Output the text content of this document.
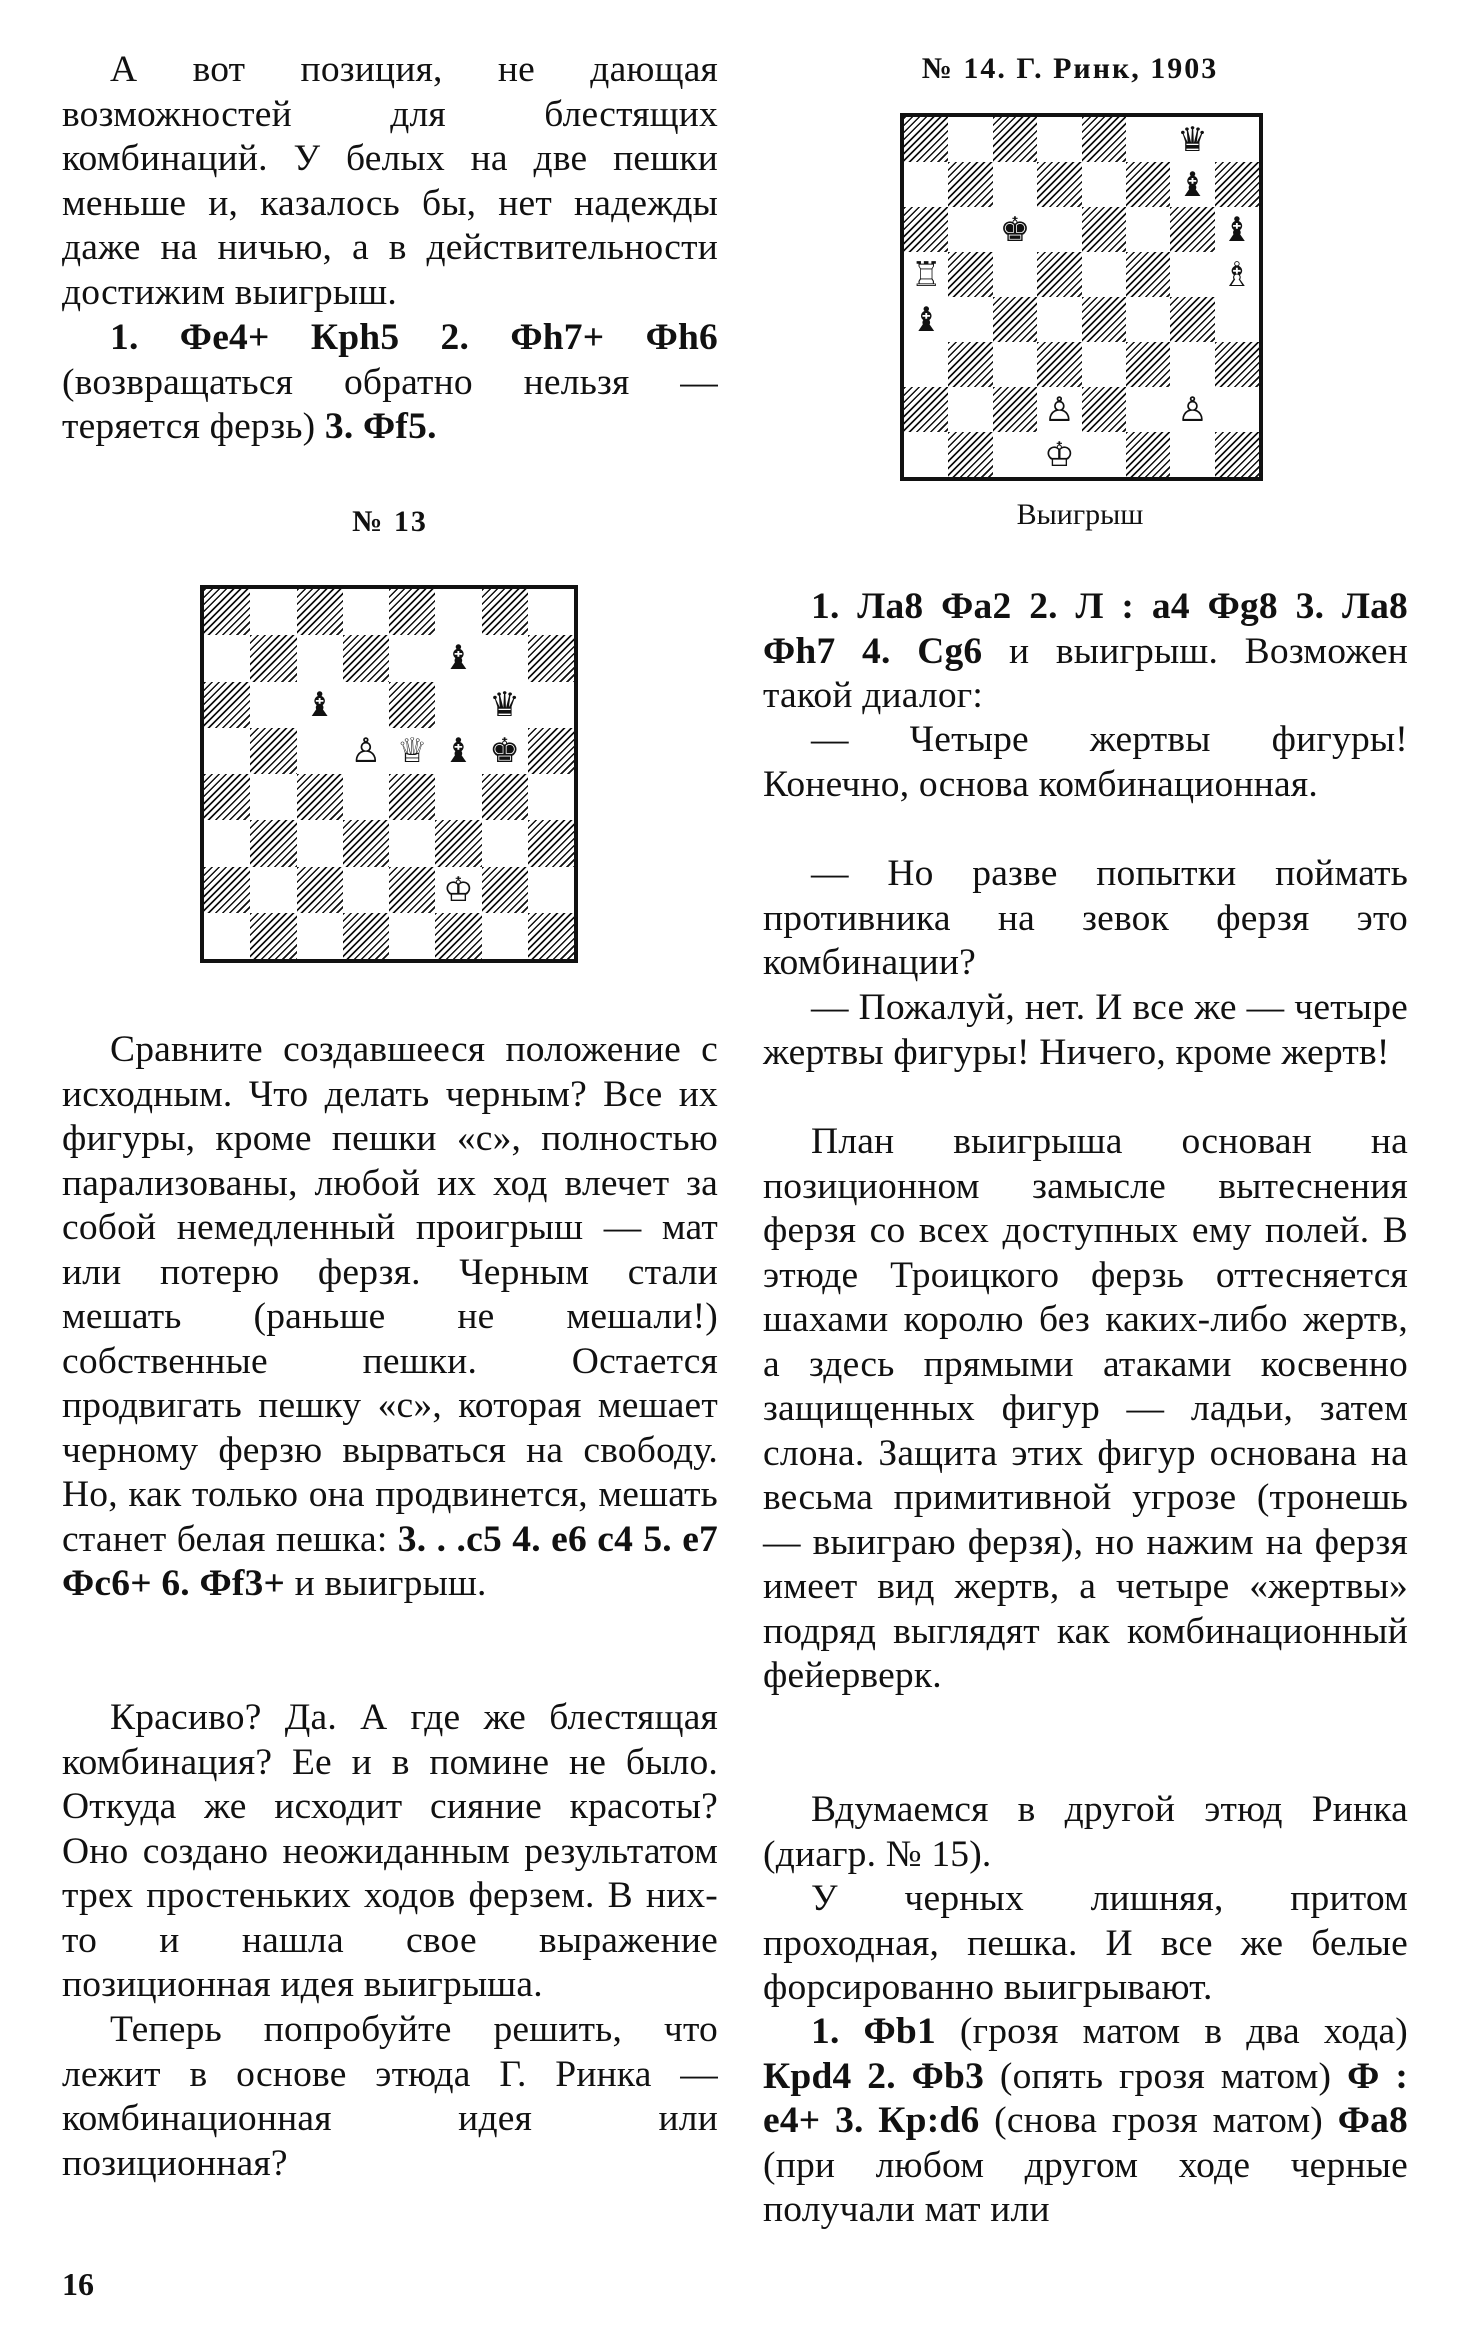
А вот позиция, не дающая возможностей для блестящих комбинаций. У белых на две пешки меньше и, казалось бы, нет надежды даже на ничью, а в действительности достижим выигрыш.

1. Фe4+ Крh5 2. Фh7+ Фh6 (возвращаться обратно нельзя — теряется ферзь) 3. Фf5.

№ 13
♝
♝	♛
♙ ♕ ♝ ♚
♔

Сравните создавшееся положение с исходным. Что делать черным? Все их фигуры, кроме пешки «с», полностью парализованы, любой их ход влечет за собой немедленный проигрыш — мат или потерю ферзя. Черным стали мешать (раньше не мешали!) собственные пешки. Остается продвигать пешку «с», которая мешает черному ферзю вырваться на свободу. Но, как только она продвинется, мешать станет белая пешка: 3. . .с5 4. е6 с4 5. е7 Фс6+ 6. Фf3+ и выигрыш.

Красиво? Да. А где же блестящая комбинация? Ее и в помине не было. Откуда же исходит сияние красоты? Оно создано неожиданным результатом трех простеньких ходов ферзем. В них-то и нашла свое выражение позиционная идея выигрыша.

Теперь попробуйте решить, что лежит в основе этюда Г. Ринка — комбинационная идея или позиционная?

16
№ 14. Г. Ринк, 1903
♛
♝
♚	♝
♖	♗
♝
♙	♙
♔
Выигрыш

1. Ла8 Фа2 2. Л : а4 Фg8 3. Ла8 Фh7 4. Сg6 и выигрыш. Возможен такой диалог:

— Четыре жертвы фигуры! Конечно, основа комбинационная.

— Но разве попытки поймать противника на зевок ферзя это комбинации?

— Пожалуй, нет. И все же — четыре жертвы фигуры! Ничего, кроме жертв!

План выигрыша основан на позиционном замысле вытеснения ферзя со всех доступных ему полей. В этюде Троицкого ферзь оттесняется шахами королю без каких-либо жертв, а здесь прямыми атаками косвенно защищенных фигур — ладьи, затем слона. Защита этих фигур основана на весьма примитивной угрозе (тронешь — выиграю ферзя), но нажим на ферзя имеет вид жертв, а четыре «жертвы» подряд выглядят как комбинационный фейерверк.

Вдумаемся в другой этюд Ринка (диагр. № 15).

У черных лишняя, притом проходная, пешка. И все же белые форсированно выигрывают.

1. Фb1 (грозя матом в два хода) Крd4 2. Фb3 (опять грозя матом) Ф : е4+ 3. Кр:d6 (снова грозя матом) Фа8 (при любом другом ходе черные получали мат или
